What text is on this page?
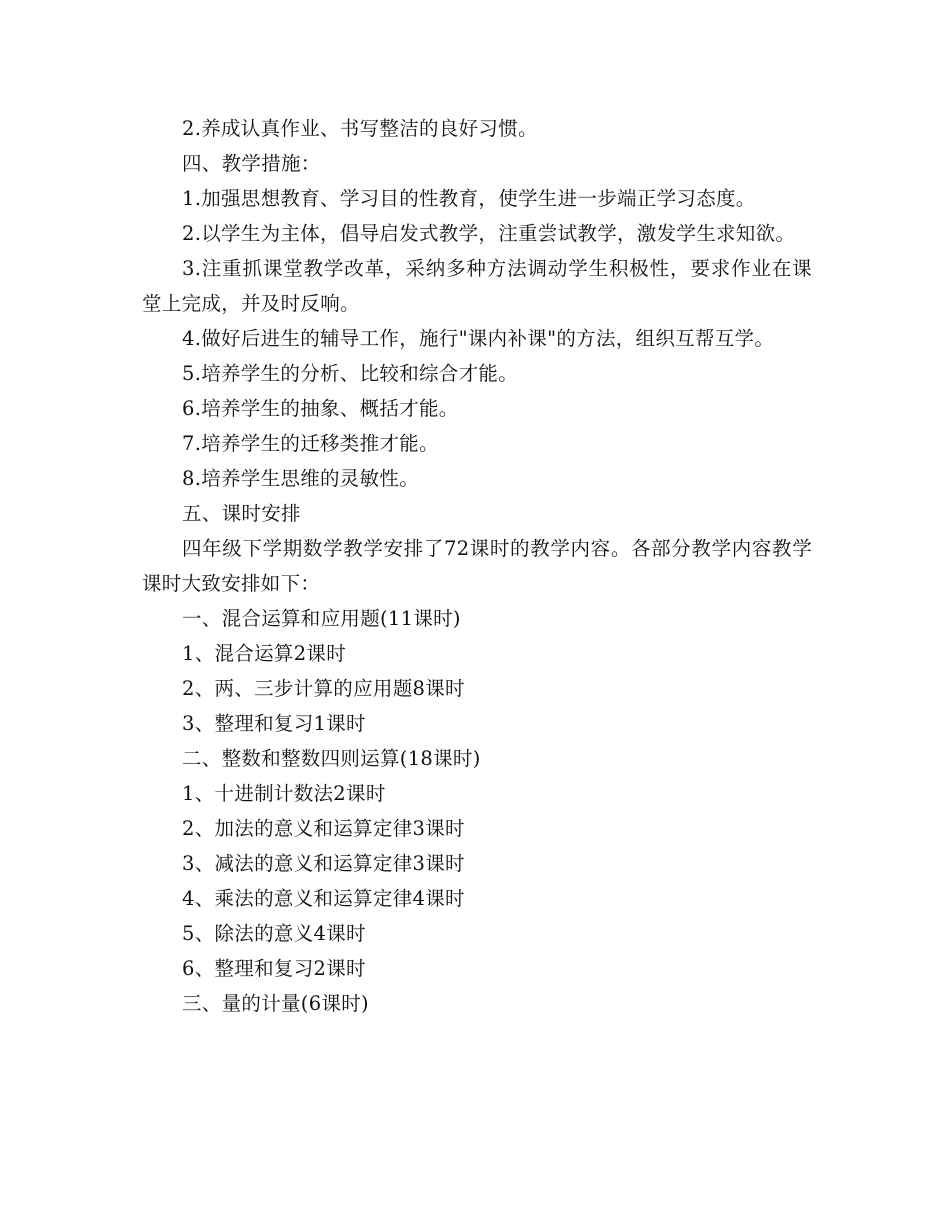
2.养成认真作业、书写整洁的良好习惯。

四、教学措施：

1.加强思想教育、学习目的性教育，使学生进一步端正学习态度。

2.以学生为主体，倡导启发式教学，注重尝试教学，激发学生求知欲。

3.注重抓课堂教学改革，采纳多种方法调动学生积极性，要求作业在课堂上完成，并及时反响。

4.做好后进生的辅导工作，施行"课内补课"的方法，组织互帮互学。

5.培养学生的分析、比较和综合才能。

6.培养学生的抽象、概括才能。

7.培养学生的迁移类推才能。

8.培养学生思维的灵敏性。

五、课时安排

四年级下学期数学教学安排了72课时的教学内容。各部分教学内容教学课时大致安排如下：

一、混合运算和应用题(11课时)

1、混合运算2课时

2、两、三步计算的应用题8课时

3、整理和复习1课时

二、整数和整数四则运算(18课时)

1、十进制计数法2课时

2、加法的意义和运算定律3课时

3、减法的意义和运算定律3课时

4、乘法的意义和运算定律4课时

5、除法的意义4课时

6、整理和复习2课时

三、量的计量(6课时)
